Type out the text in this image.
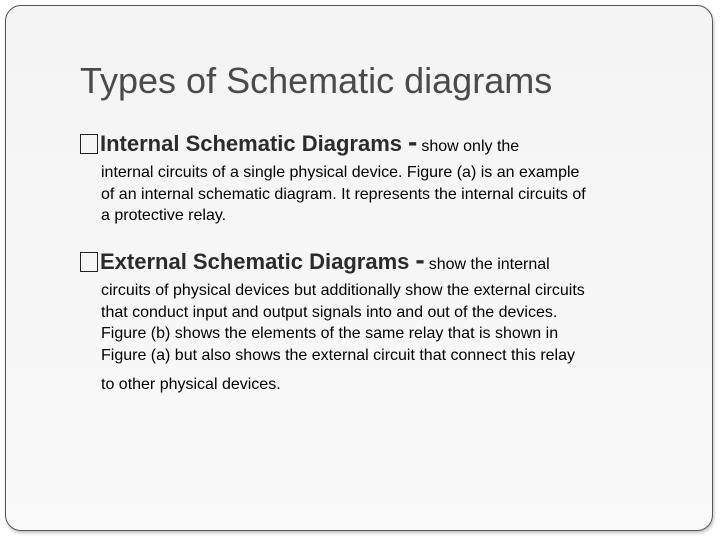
Types of Schematic diagrams
Internal Schematic Diagrams - show only the
internal circuits of a single physical device. Figure (a) is an example
of an internal schematic diagram. It represents the internal circuits of
a protective relay.
External Schematic Diagrams - show the internal
circuits of physical devices but additionally show the external circuits
that conduct input and output signals into and out of the devices.
Figure (b) shows the elements of the same relay that is shown in
Figure (a) but also shows the external circuit that connect this relay
to other physical devices.
